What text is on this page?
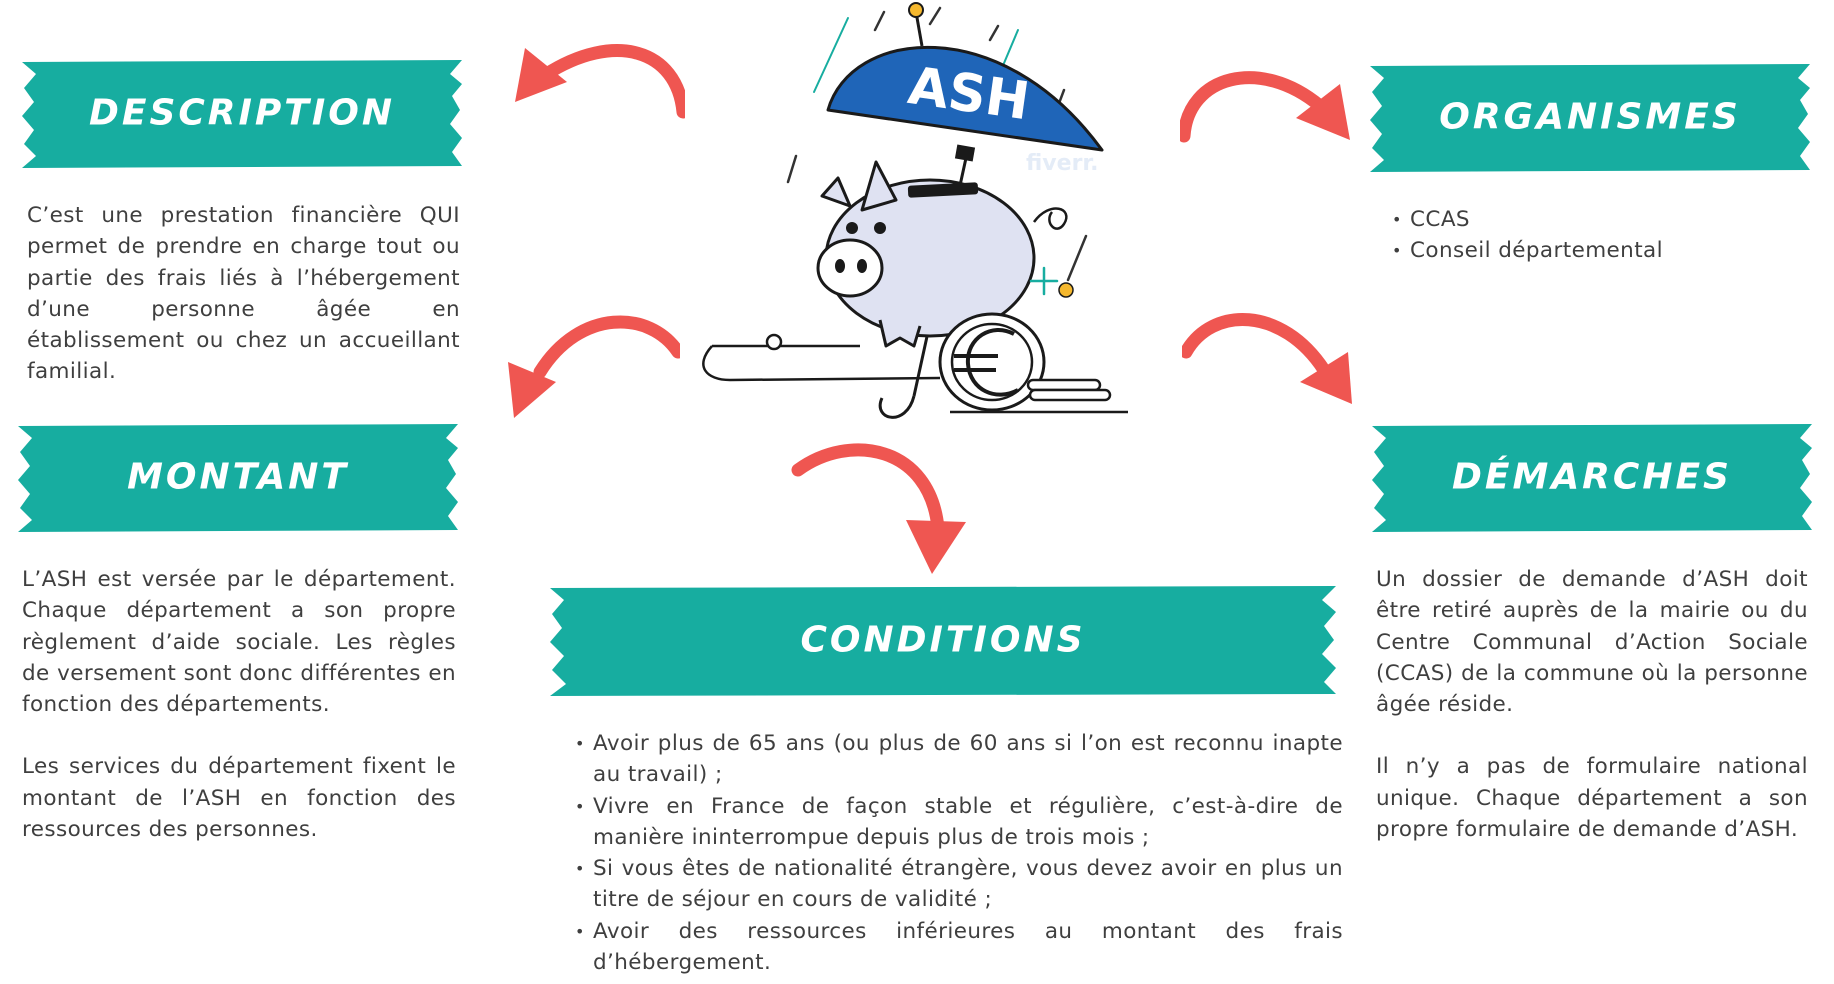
DESCRIPTION	ORGANISMES
MONTANT	DÉMARCHES
CONDITIONS

C’est une prestation financière QUI permet de prendre en charge tout ou partie des frais liés à l’hébergement d’une personne âgée en établissement ou chez un accueillant familial.

• CCAS
• Conseil départemental

L’ASH est versée par le département. Chaque département a son propre règlement d’aide sociale. Les règles de versement sont donc différentes en fonction des départements.

Les services du département fixent le montant de l’ASH en fonction des ressources des personnes.

Un dossier de demande d’ASH doit être retiré auprès de la mairie ou du Centre Communal d’Action Sociale (CCAS) de la commune où la personne âgée réside.

Il n’y a pas de formulaire national unique. Chaque département a son propre formulaire de demande d’ASH.

• Avoir plus de 65 ans (ou plus de 60 ans si l’on est reconnu inapte au travail) ;
• Vivre en France de façon stable et régulière, c’est-à-dire de manière ininterrompue depuis plus de trois mois ;
• Si vous êtes de nationalité étrangère, vous devez avoir en plus un titre de séjour en cours de validité ;
• Avoir des ressources inférieures au montant des frais d’hébergement.
ASH
fiverr.
